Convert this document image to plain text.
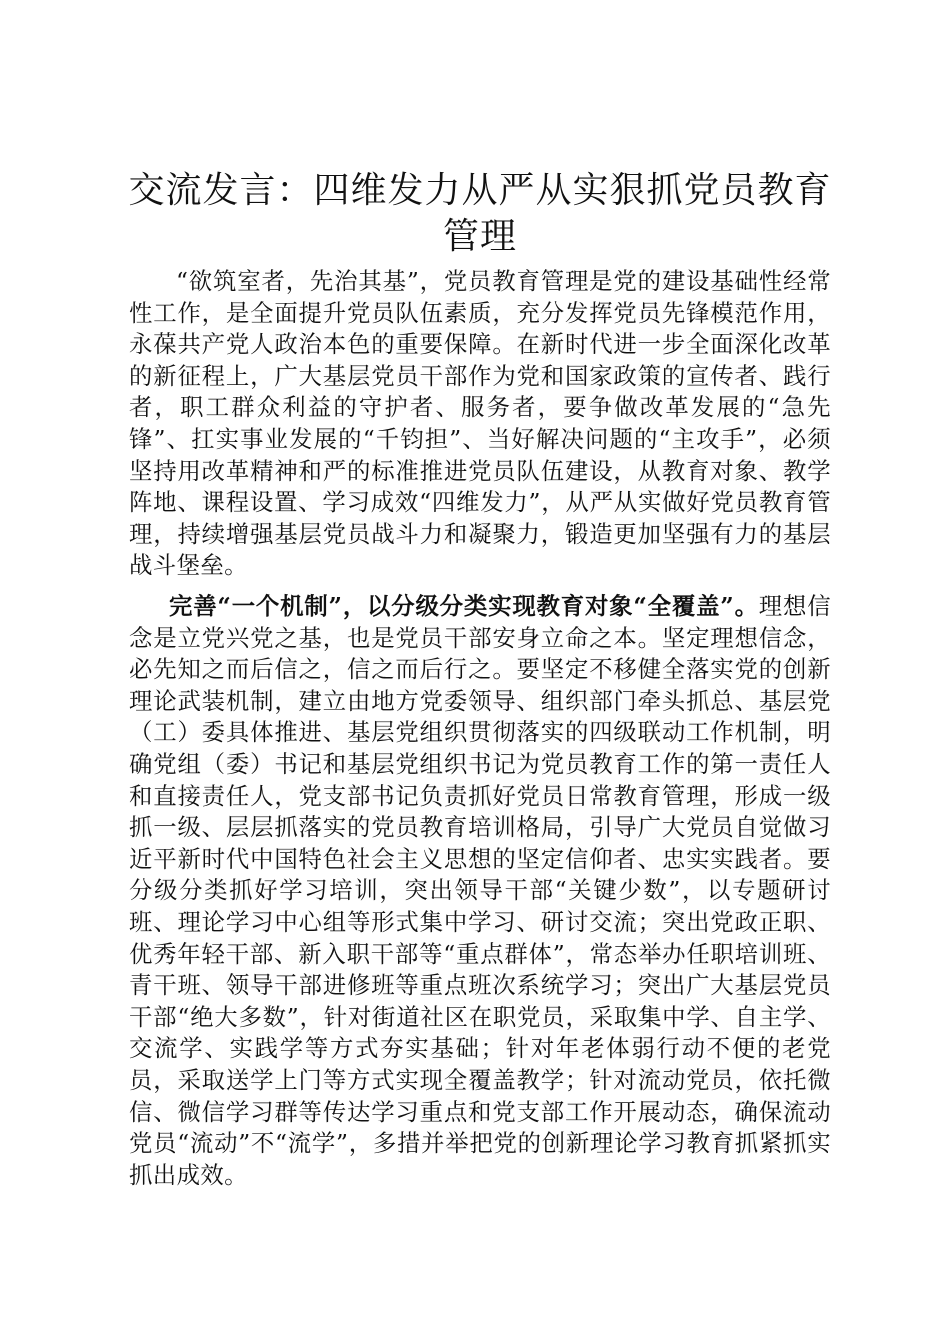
交流发言：四维发力从严从实狠抓党员教育管理

“欲筑室者，先治其基”，党员教育管理是党的建设基础性经常性工作，是全面提升党员队伍素质，充分发挥党员先锋模范作用，永葆共产党人政治本色的重要保障。在新时代进一步全面深化改革的新征程上，广大基层党员干部作为党和国家政策的宣传者、践行者，职工群众利益的守护者、服务者，要争做改革发展的“急先锋”、扛实事业发展的“千钧担”、当好解决问题的“主攻手”，必须坚持用改革精神和严的标准推进党员队伍建设，从教育对象、教学阵地、课程设置、学习成效“四维发力”，从严从实做好党员教育管理，持续增强基层党员战斗力和凝聚力，锻造更加坚强有力的基层战斗堡垒。

完善“一个机制”，以分级分类实现教育对象“全覆盖”。理想信念是立党兴党之基，也是党员干部安身立命之本。坚定理想信念，必先知之而后信之，信之而后行之。要坚定不移健全落实党的创新理论武装机制，建立由地方党委领导、组织部门牵头抓总、基层党（工）委具体推进、基层党组织贯彻落实的四级联动工作机制，明确党组（委）书记和基层党组织书记为党员教育工作的第一责任人和直接责任人，党支部书记负责抓好党员日常教育管理，形成一级抓一级、层层抓落实的党员教育培训格局，引导广大党员自觉做习近平新时代中国特色社会主义思想的坚定信仰者、忠实实践者。要分级分类抓好学习培训，突出领导干部“关键少数”，以专题研讨班、理论学习中心组等形式集中学习、研讨交流；突出党政正职、优秀年轻干部、新入职干部等“重点群体”，常态举办任职培训班、青干班、领导干部进修班等重点班次系统学习；突出广大基层党员干部“绝大多数”，针对街道社区在职党员，采取集中学、自主学、交流学、实践学等方式夯实基础；针对年老体弱行动不便的老党员，采取送学上门等方式实现全覆盖教学；针对流动党员，依托微信、微信学习群等传达学习重点和党支部工作开展动态，确保流动党员“流动”不“流学”，多措并举把党的创新理论学习教育抓紧抓实抓出成效。
